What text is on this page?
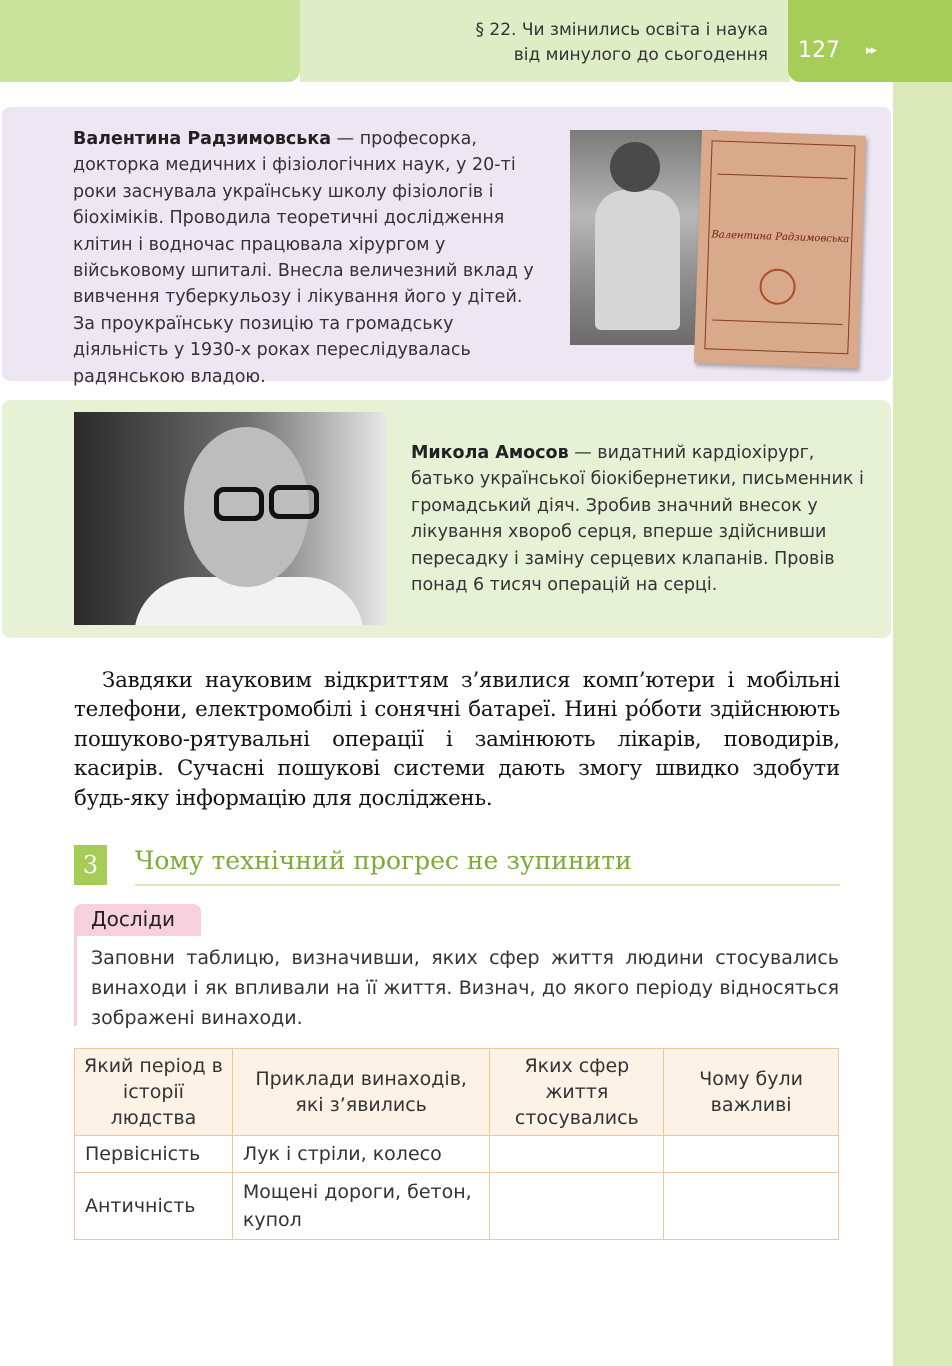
§ 22. Чи змінились освіта і наука
від минулого до сьогодення 127 ▸▸
Валентина Радзимовська — професорка, докторка медичних і фізіологічних наук, у 20-ті роки заснувала українську школу фізіологів і біохіміків. Проводила теоретичні дослідження клітин і водночас працювала хірургом у військовому шпиталі. Внесла величезний вклад у вивчення туберкульозу і лікування його у дітей. За проукраїнську позицію та громадську діяльність у 1930-х роках переслідувалась радянською владою.
Валентина Радзимовська
Микола Амосов — видатний кардіохірург, батько української біокібернетики, письменник і громадський діяч. Зробив значний внесок у лікування хвороб серця, вперше здійснивши пересадку і заміну серцевих клапанів. Провів понад 6 тисяч операцій на серці.
Завдяки науковим відкриттям з’явилися комп’ютери і мобільні телефони, електромобілі і сонячні батареї. Нині рóботи здійснюють пошуково-рятувальні операції і замінюють лікарів, поводирів, касирів. Сучасні пошукові системи дають змогу швидко здобути будь-яку інформацію для досліджень.
3	Чому технічний прогрес не зупинити
Досліди
Заповни таблицю, визначивши, яких сфер життя людини стосувались винаходи і як впливали на її життя. Визнач, до якого періоду відносяться зображені винаходи.
Який період в історії людства	Приклади винаходів, які з’явились	Яких сфер життя стосувались	Чому були важливі
Первісність	Лук і стріли, колесо		
Античність	Мощені дороги, бетон, купол		
